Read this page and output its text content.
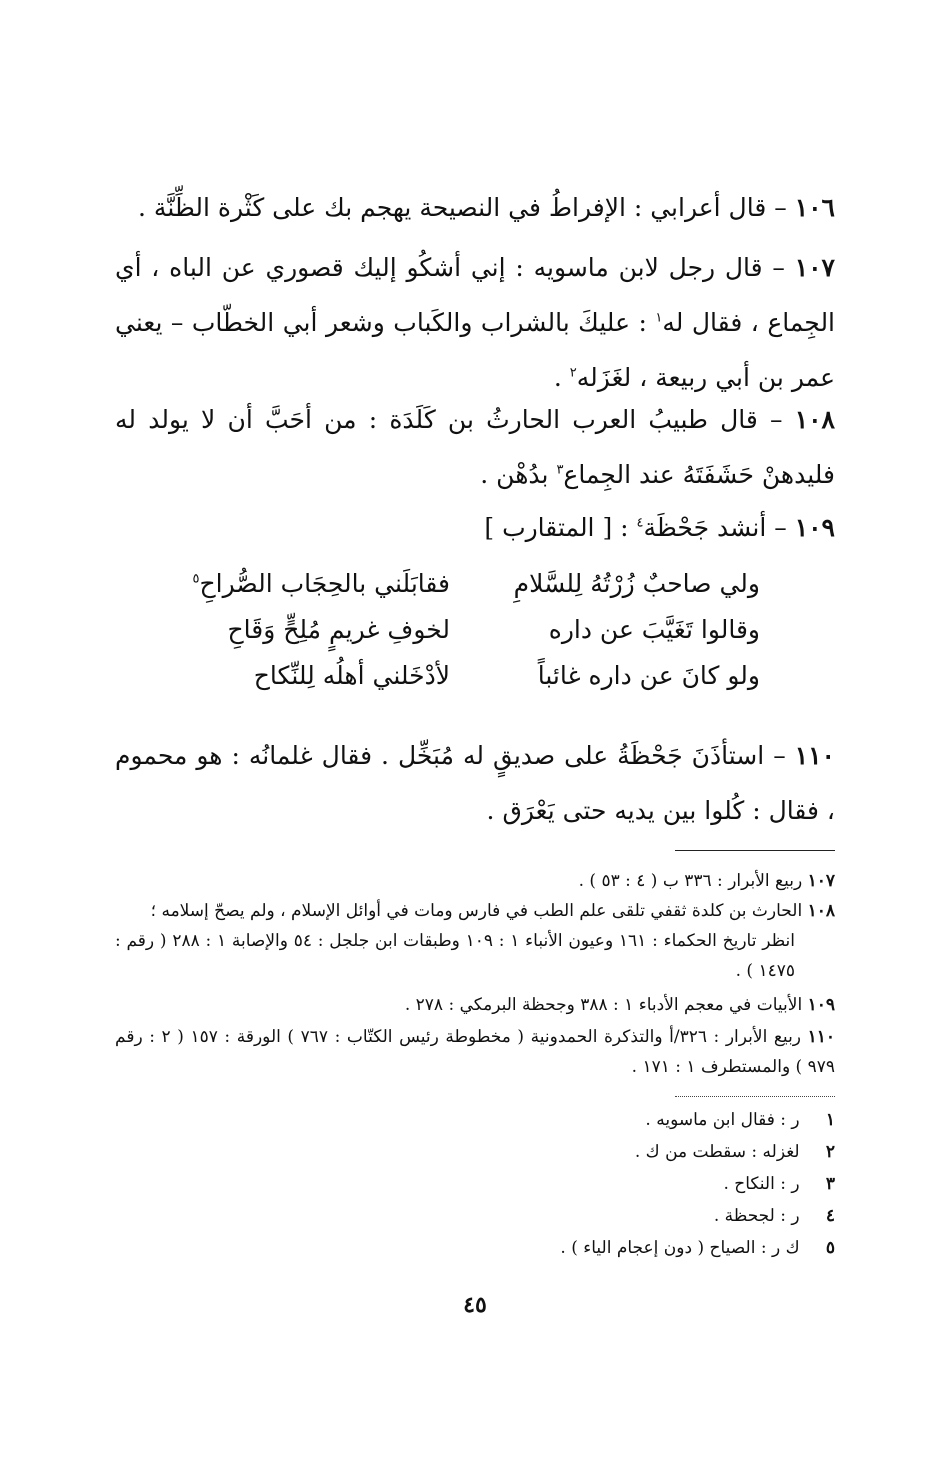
١٠٦ – قال أعرابي : الإفراطُ في النصيحة يهجم بك على كَثْرة الظِّنَّة .
١٠٧ – قال رجل لابن ماسويه : إني أشكُو إليك قصوري عن الباه ، أي الجِماع ، فقال له$^١$ : عليكَ بالشراب والكَباب وشعر أبي الخطّاب – يعني عمر بن أبي ربيعة ، لغَزَله$^٢$ .
١٠٨ – قال طبيبُ العرب الحارثُ بن كَلَدَة : من أحَبَّ أن لا يولد له فليدهنْ حَشَفَتَهُ عند الجِماع$^٣$ بدُهْن .
١٠٩ – أنشد جَحْظَة$^٤$ : [ المتقارب ]
ولي صاحبٌ زُرْتُهُ لِلسَّلامِ
فقابَلَني بالحِجَاب الصُّراحِ$^٥$
وقالوا تَغَيَّبَ عن داره
لخوفِ غريمٍ مُلِحٍّ وَقَاحِ
ولو كانَ عن داره غائباً
لأدْخَلني أهلُه لِلنِّكاح
١١٠ – استأذَنَ جَحْظَةُ على صديقٍ له مُبَخِّل . فقال غلمانُه : هو محموم ، فقال : كُلوا بين يديه حتى يَعْرَق .
١٠٧ ربيع الأبرار : ٣٣٦ ب ( ٤ : ٥٣ ) .
١٠٨ الحارث بن كلدة ثقفي تلقى علم الطب في فارس ومات في أوائل الإسلام ، ولم يصحّ إسلامه ؛
انظر تاريخ الحكماء : ١٦١ وعيون الأنباء ١ : ١٠٩ وطبقات ابن جلجل : ٥٤ والإصابة ١ : ٢٨٨ ( رقم : ١٤٧٥ ) .
١٠٩ الأبيات في معجم الأدباء ١ : ٣٨٨ وجحظة البرمكي : ٢٧٨ .
١١٠ ربيع الأبرار : ٣٢٦/أ والتذكرة الحمدونية ( مخطوطة رئيس الكتّاب : ٧٦٧ ) الورقة : ١٥٧ ( ٢ : رقم ٩٧٩ ) والمستطرف ١ : ١٧١ .
١ ر : فقال ابن ماسويه .
٢ لغزله : سقطت من ك .
٣ ر : النكاح .
٤ ر : لجحظة .
٥ ك ر : الصياح ( دون إعجام الياء ) .
٤٥
